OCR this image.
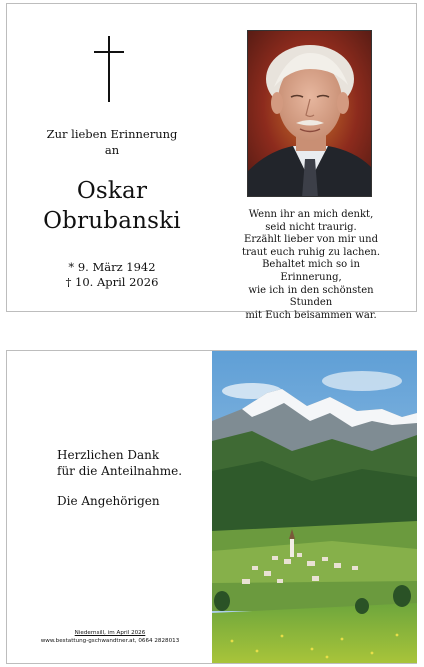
Zur lieben Erinnerung
an
Oskar
Obrubanski
* 9. März 1942
† 10. April 2026
Wenn ihr an mich denkt,
seid nicht traurig.
Erzählt lieber von mir und
traut euch ruhig zu lachen.
Behaltet mich so in Erinnerung,
wie ich in den schönsten Stunden
mit Euch beisammen war.
Herzlichen Dank
für die Anteilnahme.
Die Angehörigen
Niedernsill, im April 2026
www.bestattung-gschwandtner.at, 0664 2828013
